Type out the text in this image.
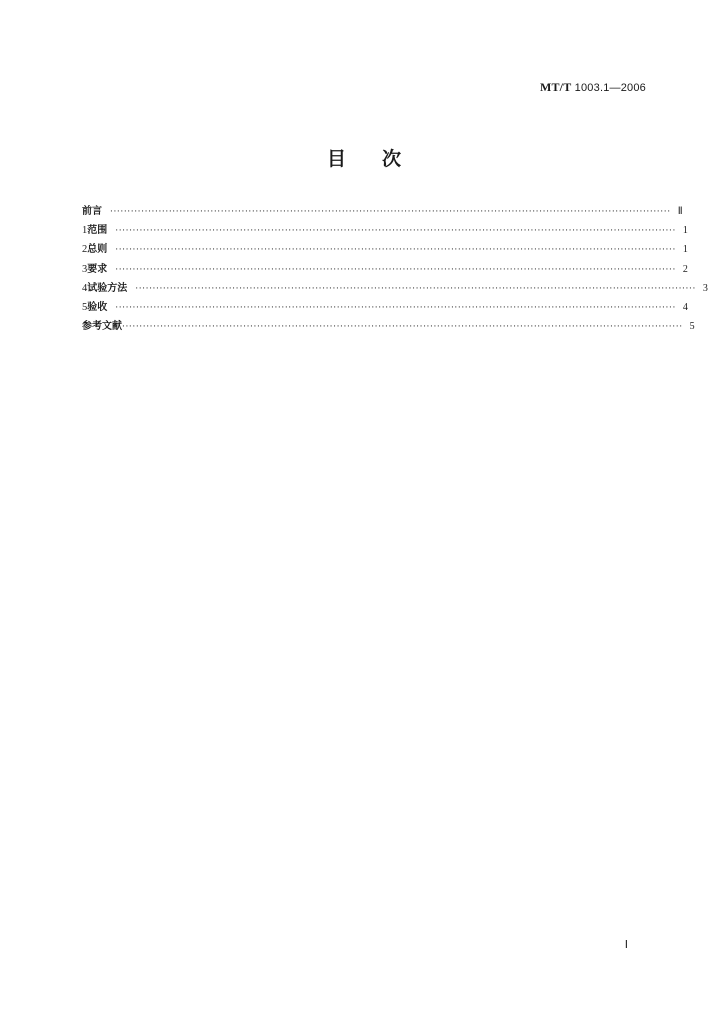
MT/T 1003.1—2006
目次
前言 ·································································································································································· Ⅱ
1 范围 ·································································································································································· 1
2 总则 ·································································································································································· 1
3 要求 ·································································································································································· 2
4 试验方法 ·································································································································································· 3
5 验收 ·································································································································································· 4
参考文献 ·································································································································································· 5
Ⅰ
